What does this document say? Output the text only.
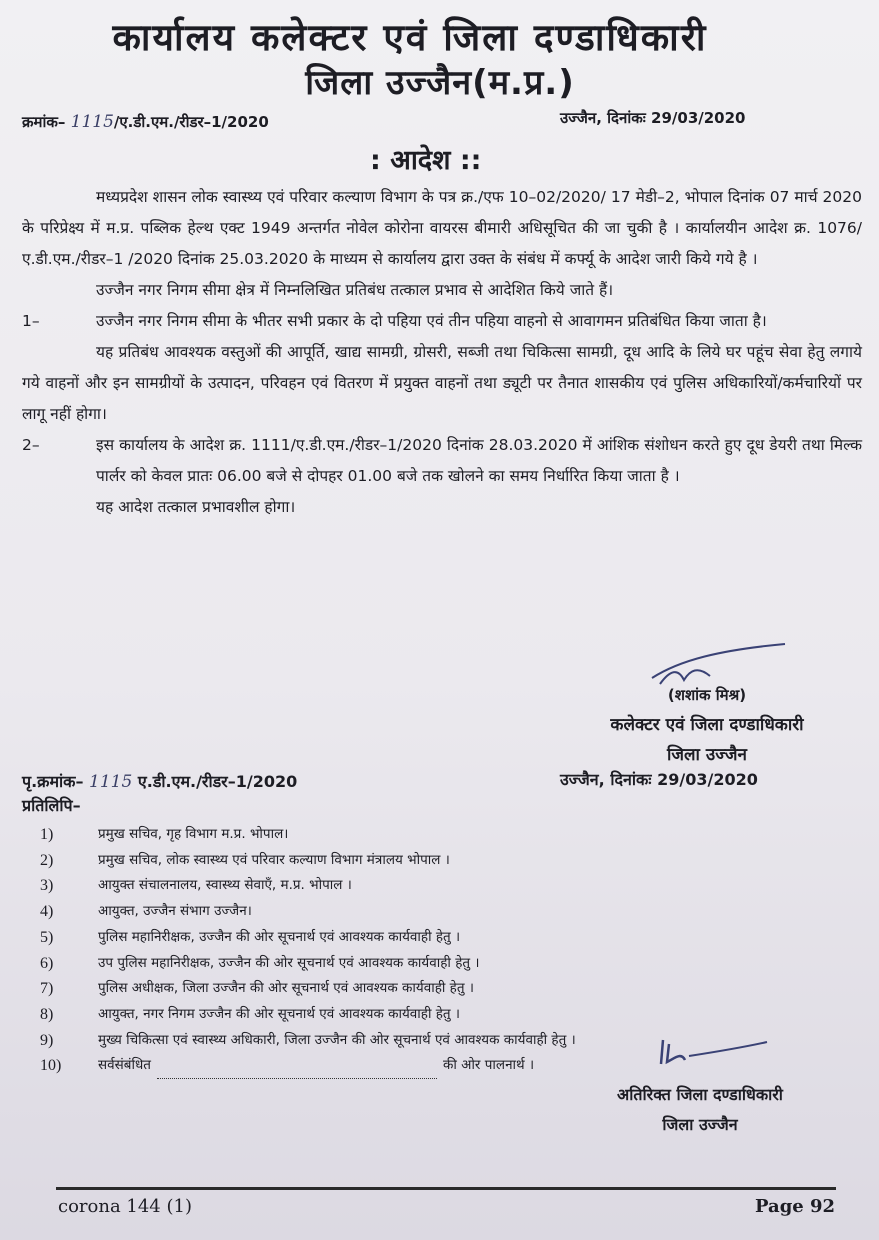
कार्यालय कलेक्टर एवं जिला दण्डाधिकारी
जिला उज्जैन(म.प्र.)
क्रमांक– 1115/ए.डी.एम./रीडर–1/2020	उज्जैन, दिनांकः 29/03/2020
: आदेश ::

मध्यप्रदेश शासन लोक स्वास्थ्य एवं परिवार कल्याण विभाग के पत्र क्र./एफ 10–02/2020/ 17 मेडी–2, भोपाल दिनांक 07 मार्च 2020 के परिप्रेक्ष्य में म.प्र. पब्लिक हेल्थ एक्ट 1949 अन्तर्गत नोवेल कोरोना वायरस बीमारी अधिसूचित की जा चुकी है । कार्यालयीन आदेश क्र. 1076/ए.डी.एम./रीडर–1 /2020 दिनांक 25.03.2020 के माध्यम से कार्यालय द्वारा उक्त के संबंध में कर्फ्यू के आदेश जारी किये गये है ।

उज्जैन नगर निगम सीमा क्षेत्र में निम्नलिखित प्रतिबंध तत्काल प्रभाव से आदेशित किये जाते हैं।

1–	उज्जैन नगर निगम सीमा के भीतर सभी प्रकार के दो पहिया एवं तीन पहिया वाहनो से आवागमन प्रतिबंधित किया जाता है।

यह प्रतिबंध आवश्यक वस्तुओं की आपूर्ति, खाद्य सामग्री, ग्रोसरी, सब्जी तथा चिकित्सा सामग्री, दूध आदि के लिये घर पहूंच सेवा हेतु लगाये गये वाहनों और इन सामग्रीयों के उत्पादन, परिवहन एवं वितरण में प्रयुक्त वाहनों तथा ड्यूटी पर तैनात शासकीय एवं पुलिस अधिकारियों/कर्मचारियों पर लागू नहीं होगा।

2–	इस कार्यालय के आदेश क्र. 1111/ए.डी.एम./रीडर–1/2020 दिनांक 28.03.2020 में आंशिक संशोधन करते हुए दूध डेयरी तथा मिल्क पार्लर को केवल प्रातः 06.00 बजे से दोपहर 01.00 बजे तक खोलने का समय निर्धारित किया जाता है ।

यह आदेश तत्काल प्रभावशील होगा।

(शशांक मिश्र)
कलेक्टर एवं जिला दण्डाधिकारी
जिला उज्जैन
पृ.क्रमांक– 1115 ए.डी.एम./रीडर–1/2020	उज्जैन, दिनांकः 29/03/2020
प्रतिलिपि–
1)	प्रमुख सचिव, गृह विभाग म.प्र. भोपाल।
2)	प्रमुख सचिव, लोक स्वास्थ्य एवं परिवार कल्याण विभाग मंत्रालय भोपाल ।
3)	आयुक्त संचालनालय, स्वास्थ्य सेवाएँ, म.प्र. भोपाल ।
4)	आयुक्त, उज्जैन संभाग उज्जैन।
5)	पुलिस महानिरीक्षक, उज्जैन की ओर सूचनार्थ एवं आवश्यक कार्यवाही हेतु ।
6)	उप पुलिस महानिरीक्षक, उज्जैन की ओर सूचनार्थ एवं आवश्यक कार्यवाही हेतु ।
7)	पुलिस अधीक्षक, जिला उज्जैन की ओर सूचनार्थ एवं आवश्यक कार्यवाही हेतु ।
8)	आयुक्त, नगर निगम उज्जैन की ओर सूचनार्थ एवं आवश्यक कार्यवाही हेतु ।
9)	मुख्य चिकित्सा एवं स्वास्थ्य अधिकारी, जिला उज्जैन की ओर सूचनार्थ एवं आवश्यक कार्यवाही हेतु ।
10)	सर्वसंबंधित	की ओर पालनार्थ ।
अतिरिक्त जिला दण्डाधिकारी
जिला उज्जैन
corona 144 (1)	Page 92
